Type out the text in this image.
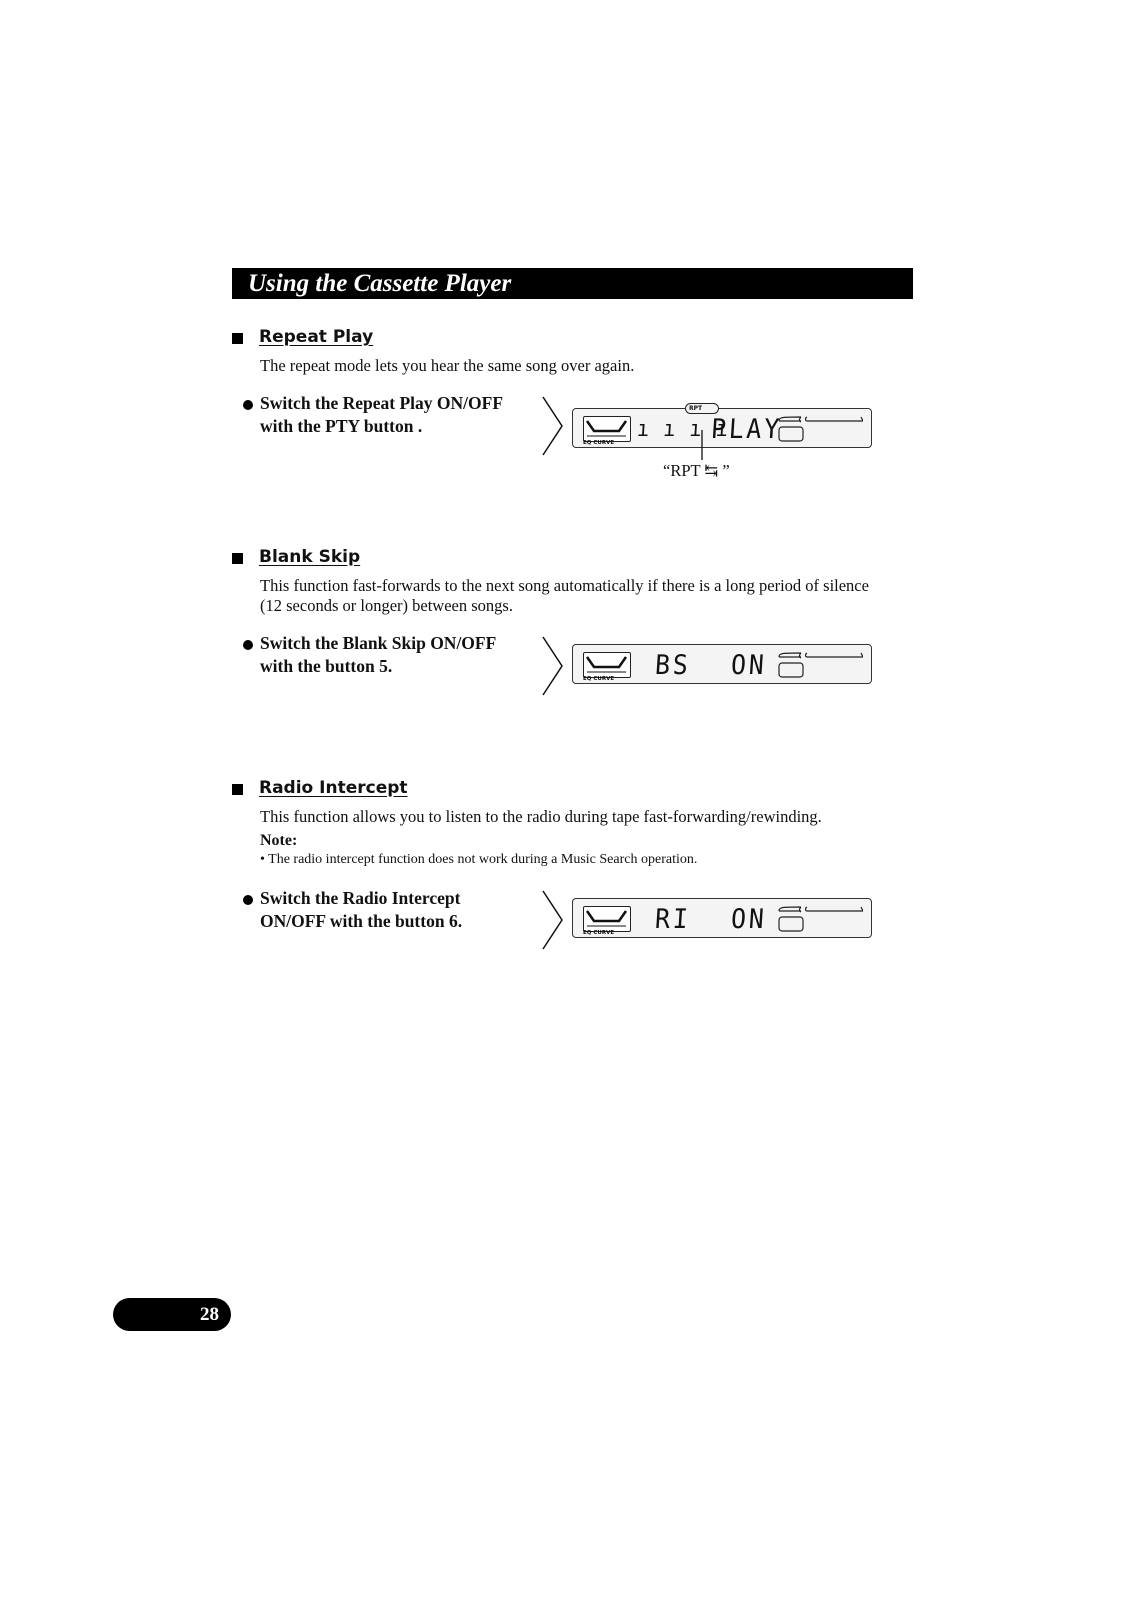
Using the Cassette Player
Repeat Play

The repeat mode lets you hear the same song over again.

Switch the Repeat Play ON/OFF

with the PTY button .

EQ CURVE
ı ı ı ı
PLAY
RPT
“RPT ↹ ”
Blank Skip

This function fast-forwards to the next song automatically if there is a long period of silence

(12 seconds or longer) between songs.

Switch the Blank Skip ON/OFF

with the button 5.

EQ CURVE BS ON
Radio Intercept

This function allows you to listen to the radio during tape fast-forwarding/rewinding.

Note:
• The radio intercept function does not work during a Music Search operation.

Switch the Radio Intercept

ON/OFF with the button 6.

EQ CURVE RI ON
28
